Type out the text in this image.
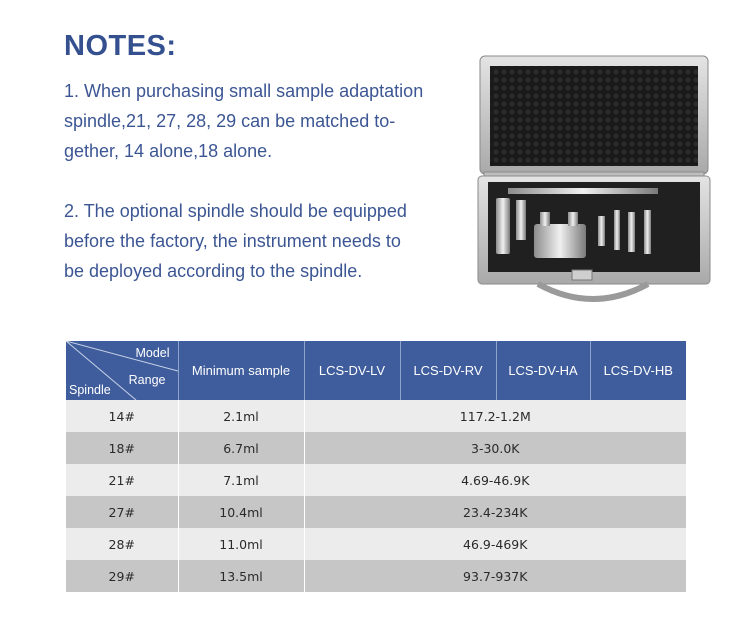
NOTES:
1. When purchasing small sample adaptation
spindle,21, 27, 28, 29 can be matched to-
gether, 14 alone,18 alone.
2. The optional spindle should be equipped
before the factory, the instrument needs to
be deployed according to the spindle.
Model
Range
Spindle	Minimum sample	LCS-DV-LV	LCS-DV-RV	LCS-DV-HA	LCS-DV-HB
14#	2.1ml	117.2-1.2M			
18#	6.7ml	3-30.0K			
21#	7.1ml	4.69-46.9K			
27#	10.4ml	23.4-234K			
28#	11.0ml	46.9-469K			
29#	13.5ml	93.7-937K			
